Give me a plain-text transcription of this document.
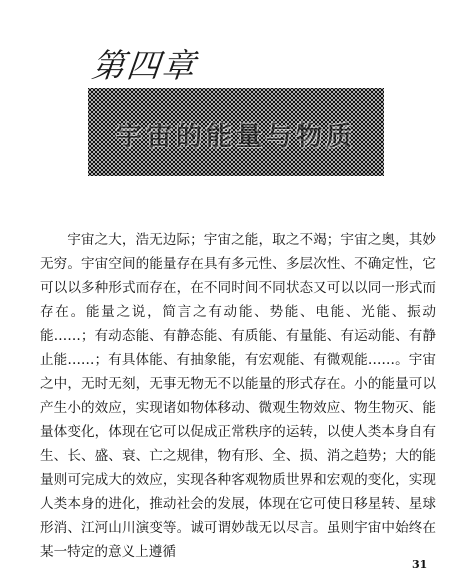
第四章
宇宙的能量与物质

宇宙之大，浩无边际；宇宙之能，取之不竭；宇宙之奥，其妙无穷。宇宙空间的能量存在具有多元性、多层次性、不确定性，它可以以多种形式而存在，在不同时间不同状态又可以以同一形式而存在。能量之说，简言之有动能、势能、电能、光能、振动能……；有动态能、有静态能、有质能、有量能、有运动能、有静止能……；有具体能、有抽象能，有宏观能、有微观能……。宇宙之中，无时无刻，无事无物无不以能量的形式存在。小的能量可以产生小的效应，实现诸如物体移动、微观生物效应、物生物灭、能量体变化，体现在它可以促成正常秩序的运转，以使人类本身自有生、长、盛、衰、亡之规律，物有形、全、损、消之趋势；大的能量则可完成大的效应，实现各种客观物质世界和宏观的变化，实现人类本身的进化，推动社会的发展，体现在它可使日移星转、星球形消、江河山川演变等。诚可谓妙哉无以尽言。虽则宇宙中始终在某一特定的意义上遵循

31
